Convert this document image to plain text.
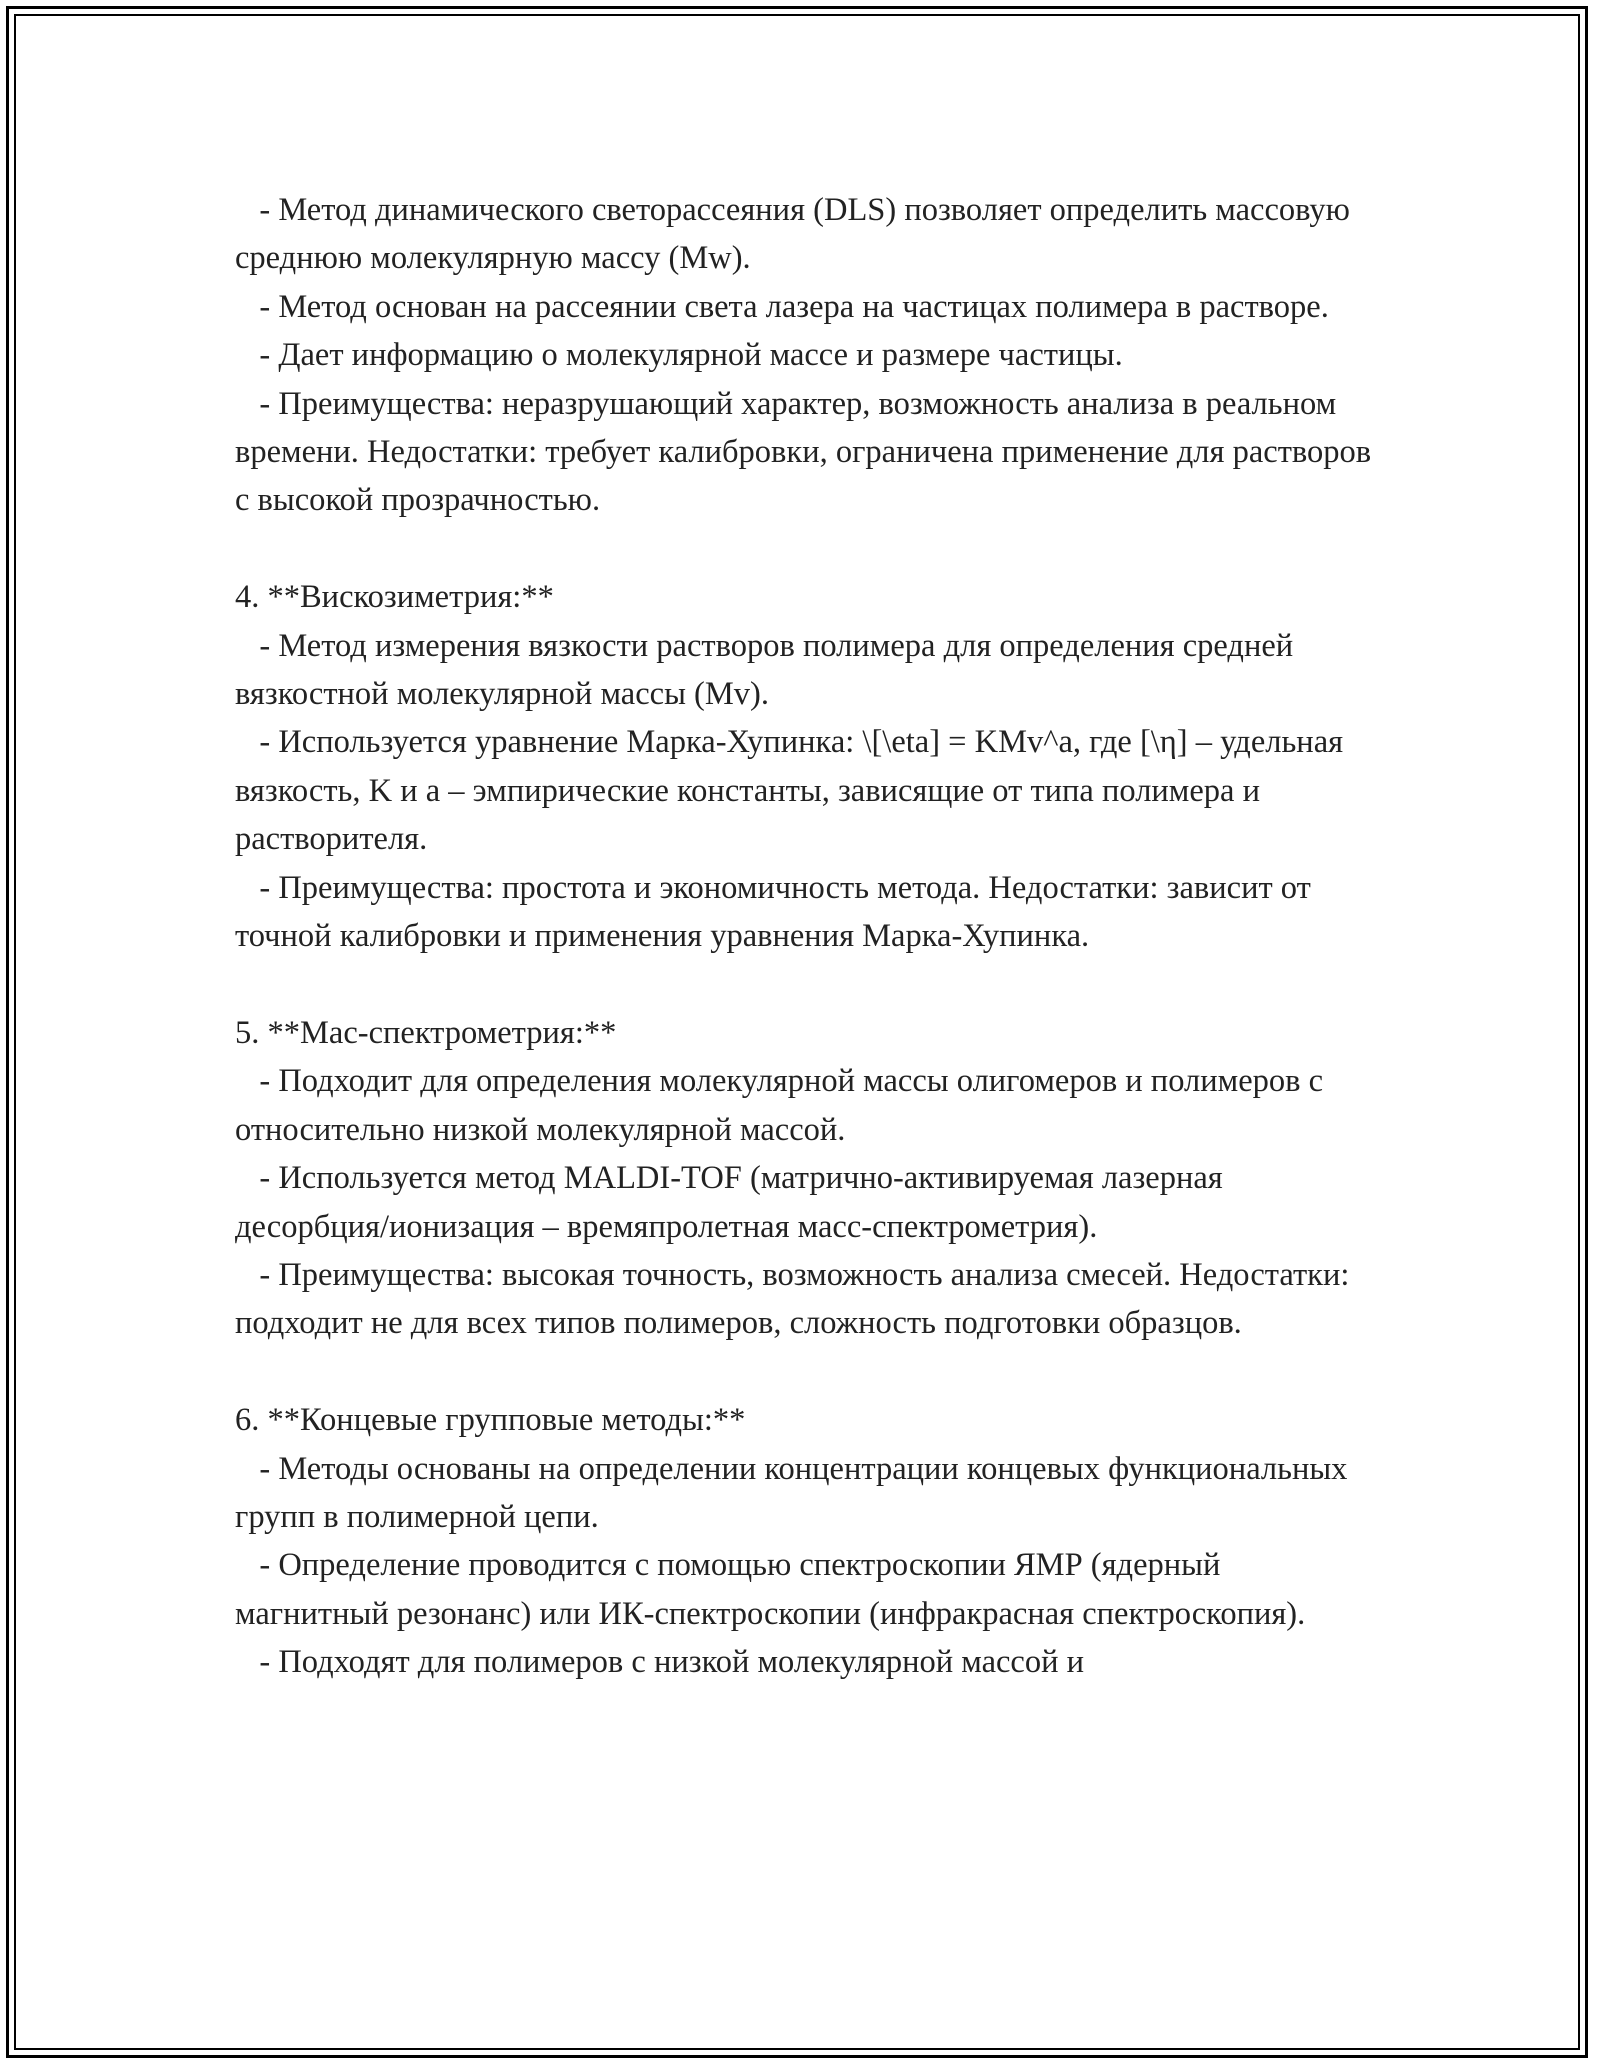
- Метод динамического светорассеяния (DLS) позволяет определить массовую среднюю молекулярную массу (Mw).

- Метод основан на рассеянии света лазера на частицах полимера в растворе.

- Дает информацию о молекулярной массе и размере частицы.

- Преимущества: неразрушающий характер, возможность анализа в реальном времени. Недостатки: требует калибровки, ограничена применение для растворов с высокой прозрачностью.

4. **Вискозиметрия:**

- Метод измерения вязкости растворов полимера для определения средней вязкостной молекулярной массы (Mv).

- Используется уравнение Марка-Хупинка: \[\eta] = KMv^a, где [\η] – удельная вязкость, K и a – эмпирические константы, зависящие от типа полимера и растворителя.

- Преимущества: простота и экономичность метода. Недостатки: зависит от точной калибровки и применения уравнения Марка-Хупинка.

5. **Мас-спектрометрия:**

- Подходит для определения молекулярной массы олигомеров и полимеров с относительно низкой молекулярной массой.

- Используется метод MALDI-TOF (матрично-активируемая лазерная десорбция/ионизация – времяпролетная масс-спектрометрия).

- Преимущества: высокая точность, возможность анализа смесей. Недостатки: подходит не для всех типов полимеров, сложность подготовки образцов.

6. **Концевые групповые методы:**

- Методы основаны на определении концентрации концевых функциональных групп в полимерной цепи.

- Определение проводится с помощью спектроскопии ЯМР (ядерный магнитный резонанс) или ИК-спектроскопии (инфракрасная спектроскопия).

- Подходят для полимеров с низкой молекулярной массой и
